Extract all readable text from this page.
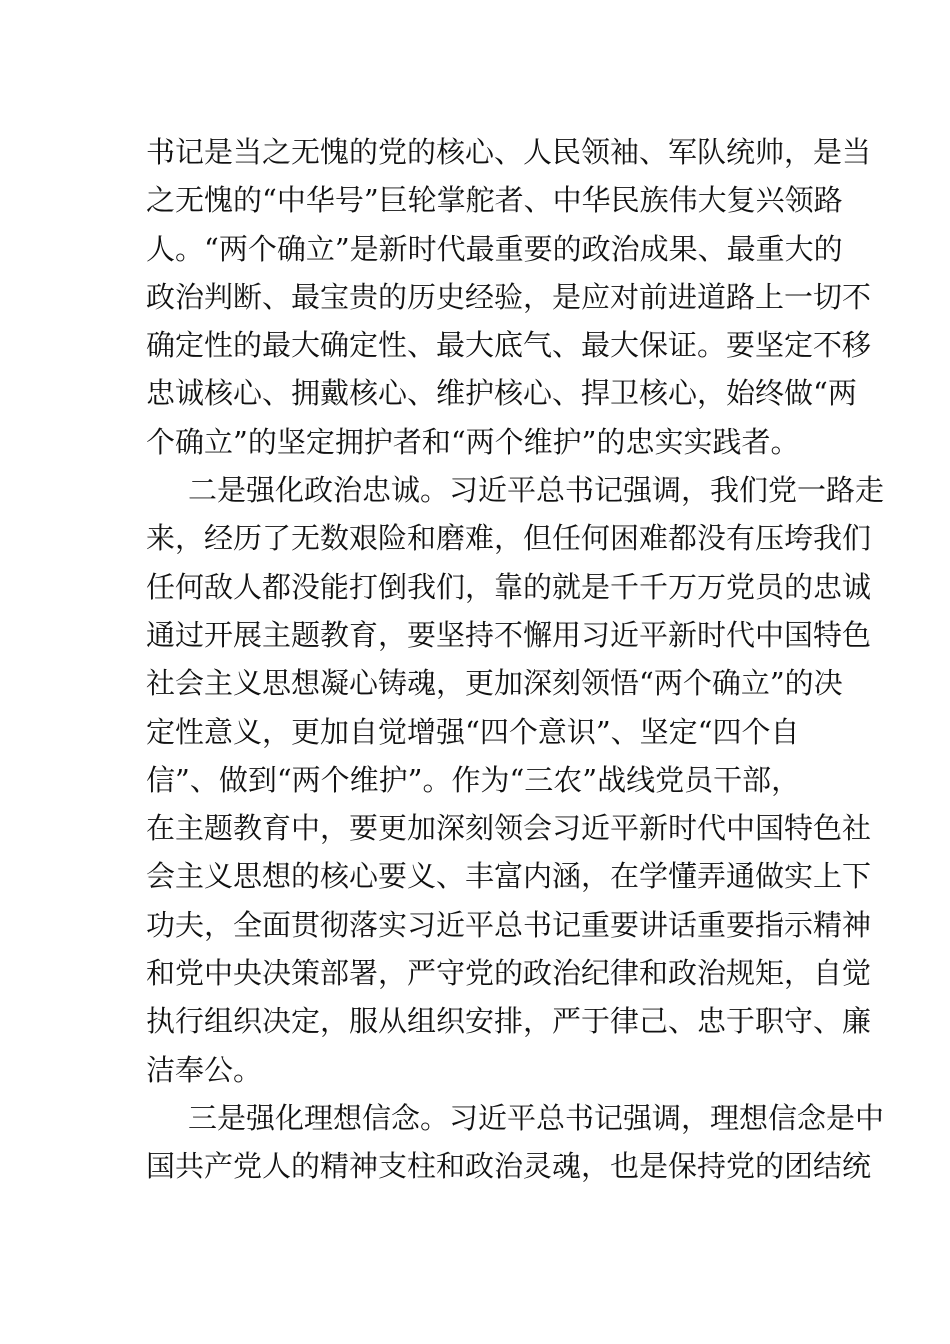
书记是当之无愧的党的核心、人民领袖、军队统帅，是当
之无愧的“中华号”巨轮掌舵者、中华民族伟大复兴领路
人。“两个确立”是新时代最重要的政治成果、最重大的
政治判断、最宝贵的历史经验，是应对前进道路上一切不
确定性的最大确定性、最大底气、最大保证。要坚定不移
忠诚核心、拥戴核心、维护核心、捍卫核心，始终做“两
个确立”的坚定拥护者和“两个维护”的忠实实践者。
二是强化政治忠诚。习近平总书记强调，我们党一路走
来，经历了无数艰险和磨难，但任何困难都没有压垮我们
任何敌人都没能打倒我们，靠的就是千千万万党员的忠诚
通过开展主题教育，要坚持不懈用习近平新时代中国特色
社会主义思想凝心铸魂，更加深刻领悟“两个确立”的决
定性意义，更加自觉增强“四个意识”、坚定“四个自
信”、做到“两个维护”。作为“三农”战线党员干部，
在主题教育中，要更加深刻领会习近平新时代中国特色社
会主义思想的核心要义、丰富内涵，在学懂弄通做实上下
功夫，全面贯彻落实习近平总书记重要讲话重要指示精神
和党中央决策部署，严守党的政治纪律和政治规矩，自觉
执行组织决定，服从组织安排，严于律己、忠于职守、廉
洁奉公。
三是强化理想信念。习近平总书记强调，理想信念是中
国共产党人的精神支柱和政治灵魂，也是保持党的团结统
